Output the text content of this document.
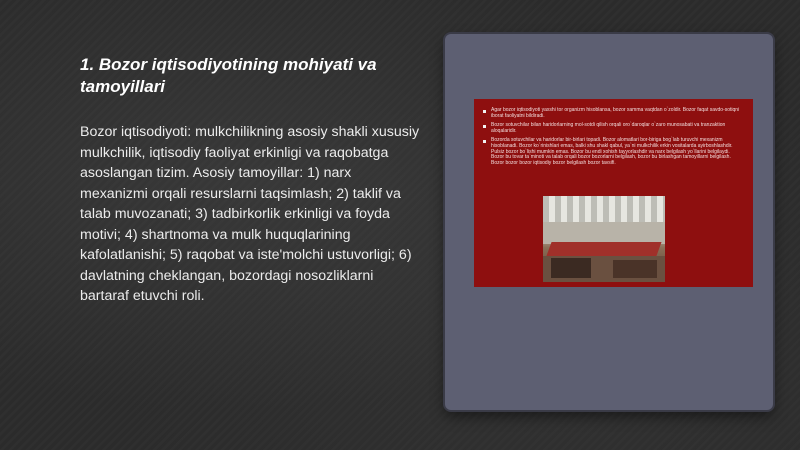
1. Bozor iqtisodiyotining mohiyati va tamoyillari

Bozor iqtisodiyoti: mulkchilikning asosiy shakli xususiy mulkchilik, iqtisodiy faoliyat erkinligi va raqobatga asoslangan tizim. Asosiy tamoyillar: 1) narx mexanizmi orqali resurslarni taqsimlash; 2) taklif va talab muvozanati; 3) tadbirkorlik erkinligi va foyda motivi; 4) shartnoma va mulk huquqlarining kafolatlanishi; 5) raqobat va iste'molchi ustuvorligi; 6) davlatning cheklangan, bozordagi nosozliklarni bartaraf etuvchi roli.

Agar bozor iqtisodiyoti yaxshi tor organizm hisoblansa, bozor xamma vaqtdan o`zoldir. Bozor faqat savdo-sotiqni iborat faoliyatni bildiradi.
Bozor sotuvchilar bilan haridorlarning mol-sotdi qilish orqali oro`daroqlar o`zaro munosabati va tranzaktion aloqalaridir.
Bozorda sotuvchilar va haridorlar bir-birlari topadi. Bozor alomatlari bor-biriga bog`lab turuvchi mexanizm hisoblanadi. Bozor ko`rinishlari emas, balki shu shakl qabul, ya`ni mulkchilik erkin vositalarda ayirboshlashdir. Pulsiz bozor bo`lishi mumkin emas. Bozor bu endi xohish tayyorlashdir va narx belgilash yo`llarini belgilaydi. Bozor bu tovar ta`minoti va talab orqali bozor bozorlarni belgilash, bozor bu birlashgan tamoyillarni belgilash. Bozor bozor bozor iqtisodiy bozor belgilash bozor tavsifi.
